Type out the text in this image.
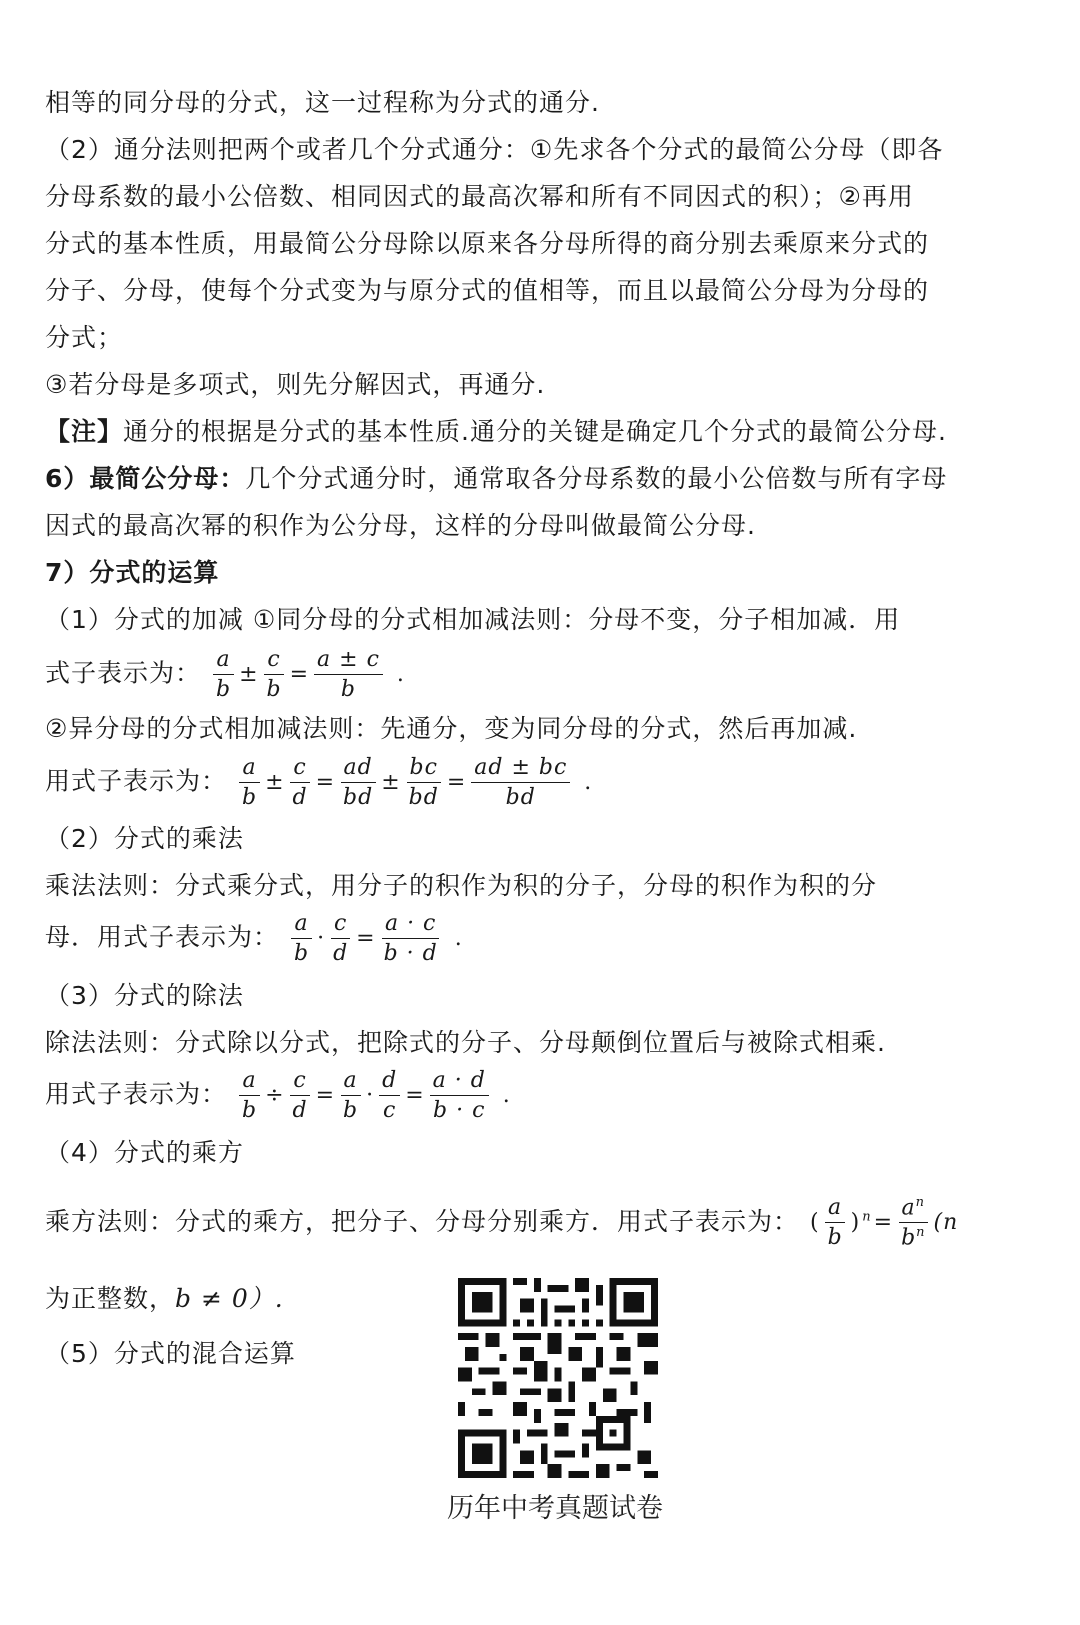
相等的同分母的分式，这一过程称为分式的通分.
（2）通分法则把两个或者几个分式通分：①先求各个分式的最简公分母（即各
分母系数的最小公倍数、相同因式的最高次幂和所有不同因式的积）；②再用
分式的基本性质，用最简公分母除以原来各分母所得的商分别去乘原来分式的
分子、分母，使每个分式变为与原分式的值相等，而且以最简公分母为分母的
分式；
③若分母是多项式，则先分解因式，再通分.
【注】通分的根据是分式的基本性质.通分的关键是确定几个分式的最简公分母.
6）最简公分母：几个分式通分时，通常取各分母系数的最小公倍数与所有字母
因式的最高次幂的积作为公分母，这样的分母叫做最简公分母.
7）分式的运算
（1）分式的加减 ①同分母的分式相加减法则：分母不变，分子相加减．用
式子表示为： $\frac{a}{b} \pm \frac{c}{b} = \frac{a \pm c}{b}$ .
②异分母的分式相加减法则：先通分，变为同分母的分式，然后再加减.
用式子表示为： $\frac{a}{b} \pm \frac{c}{d} = \frac{ad}{bd} \pm \frac{bc}{bd} = \frac{ad \pm bc}{bd}$ .
（2）分式的乘法
乘法法则：分式乘分式，用分子的积作为积的分子，分母的积作为积的分
母．用式子表示为： $\frac{a}{b} \cdot \frac{c}{d} = \frac{a \cdot c}{b \cdot d}$ .
（3）分式的除法
除法法则：分式除以分式，把除式的分子、分母颠倒位置后与被除式相乘.
用式子表示为： $\frac{a}{b} \div \frac{c}{d} = \frac{a}{b} \cdot \frac{d}{c} = \frac{a \cdot d}{b \cdot c}$ .
（4）分式的乘方
乘方法则：分式的乘方，把分子、分母分别乘方．用式子表示为： ( $\frac{a}{b}$ ) $^n= \frac{a^n}{b^n} (n$
为正整数，b ≠ 0）.
（5）分式的混合运算
历年中考真题试卷
